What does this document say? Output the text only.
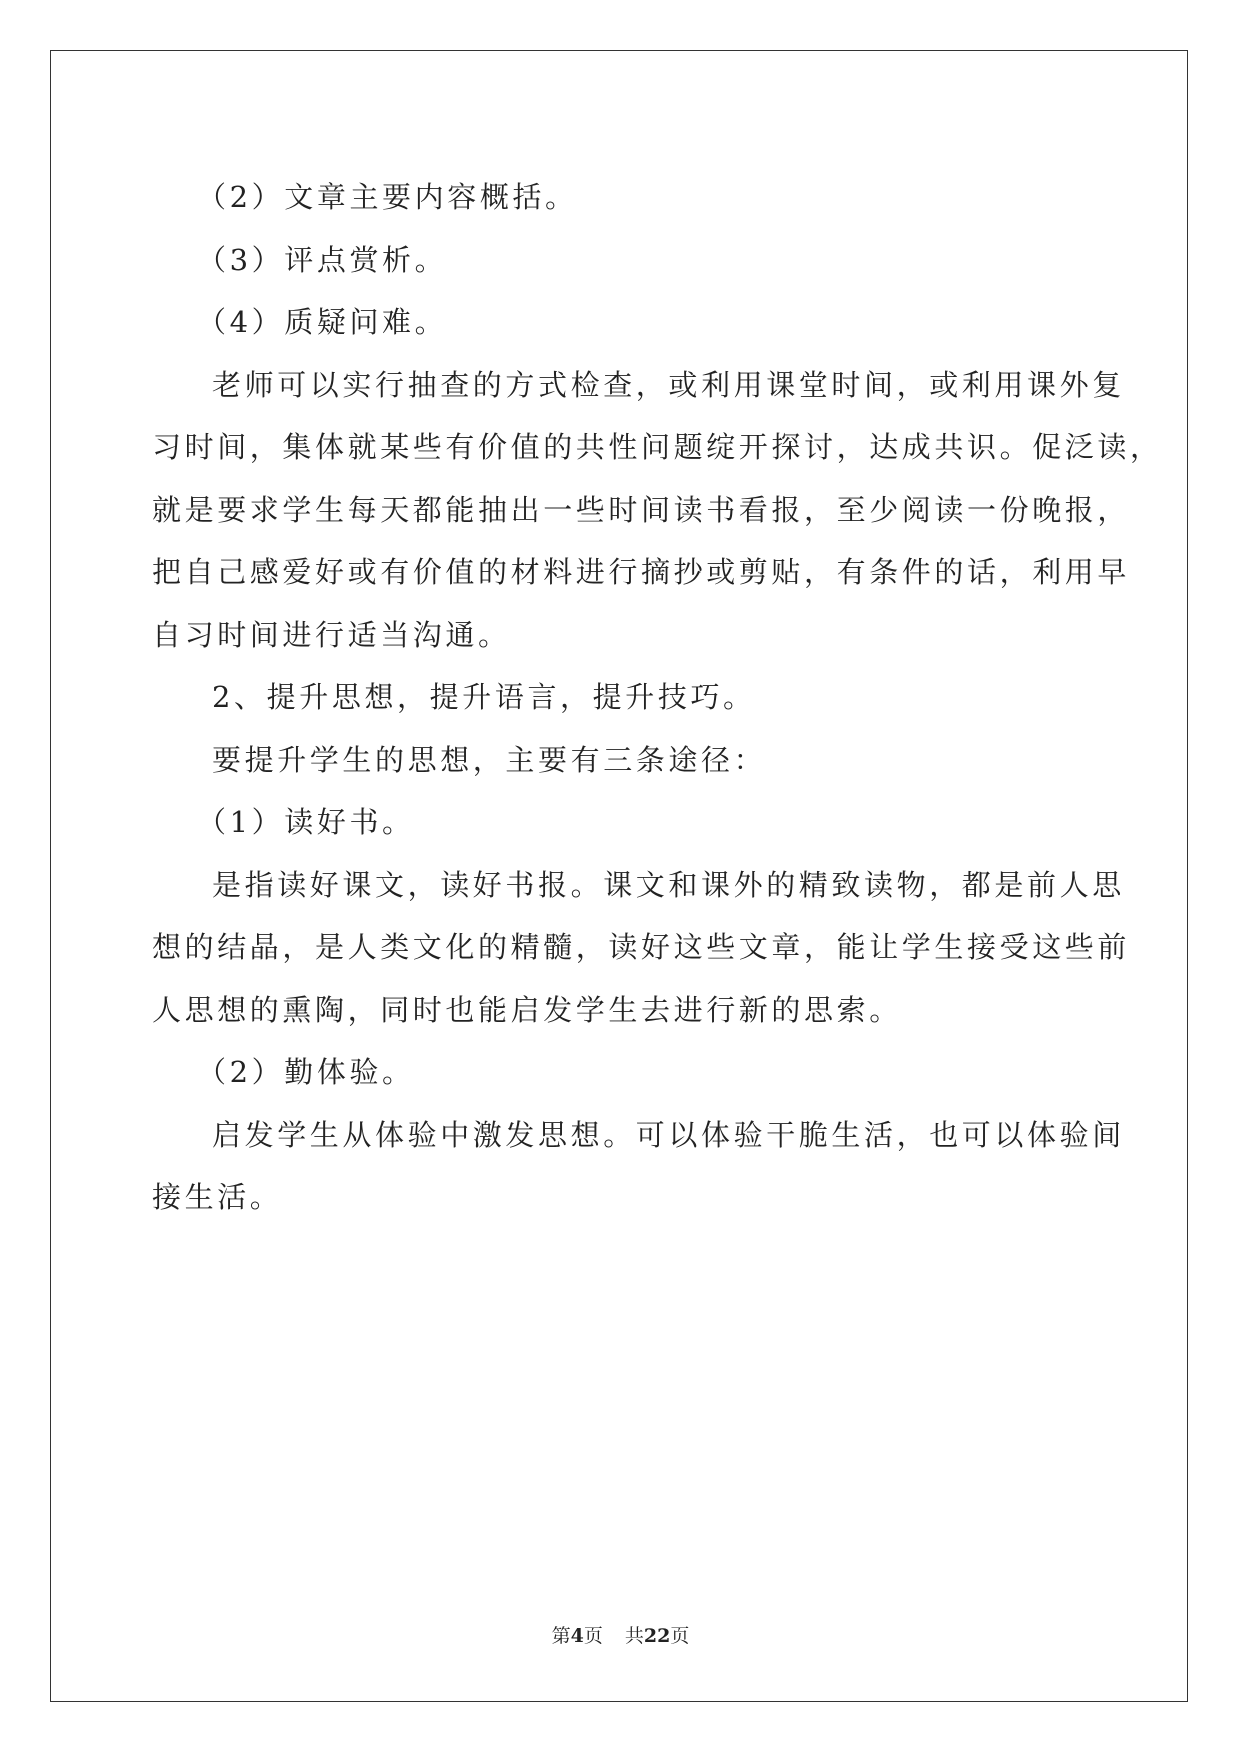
（2）文章主要内容概括。

（3）评点赏析。

（4）质疑问难。

老师可以实行抽查的方式检查，或利用课堂时间，或利用课外复

习时间，集体就某些有价值的共性问题绽开探讨，达成共识。促泛读，

就是要求学生每天都能抽出一些时间读书看报，至少阅读一份晚报，

把自己感爱好或有价值的材料进行摘抄或剪贴，有条件的话，利用早

自习时间进行适当沟通。

2、提升思想，提升语言，提升技巧。

要提升学生的思想，主要有三条途径：

（1）读好书。

是指读好课文，读好书报。课文和课外的精致读物，都是前人思

想的结晶，是人类文化的精髓，读好这些文章，能让学生接受这些前

人思想的熏陶，同时也能启发学生去进行新的思索。

（2）勤体验。

启发学生从体验中激发思想。可以体验干脆生活，也可以体验间

接生活。

第4页 共22页
